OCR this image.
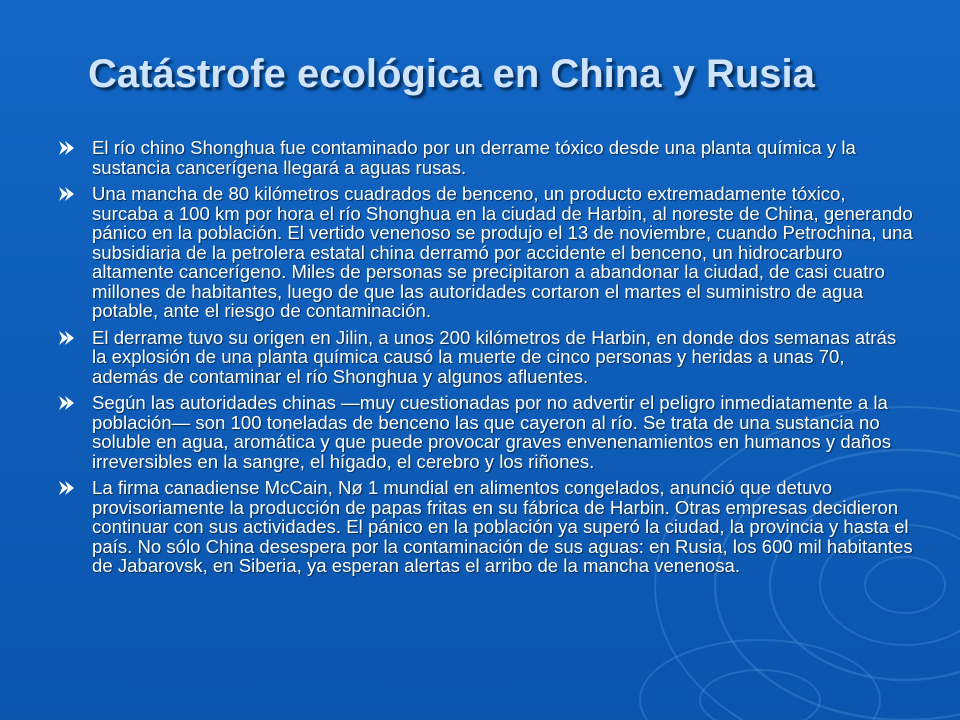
Catástrofe ecológica en China y Rusia
El río chino Shonghua fue contaminado por un derrame tóxico desde una planta química y la sustancia cancerígena llegará a aguas rusas.
Una mancha de 80 kilómetros cuadrados de benceno, un producto extremadamente tóxico, surcaba a 100 km por hora el río Shonghua en la ciudad de Harbin, al noreste de China, generando pánico en la población. El vertido venenoso se produjo el 13 de noviembre, cuando Petrochina, una subsidiaria de la petrolera estatal china derramó por accidente el benceno, un hidrocarburo altamente cancerígeno. Miles de personas se precipitaron a abandonar la ciudad, de casi cuatro millones de habitantes, luego de que las autoridades cortaron el martes el suministro de agua potable, ante el riesgo de contaminación.
El derrame tuvo su origen en Jilin, a unos 200 kilómetros de Harbin, en donde dos semanas atrás la explosión de una planta química causó la muerte de cinco personas y heridas a unas 70, además de contaminar el río Shonghua y algunos afluentes.
Según las autoridades chinas —muy cuestionadas por no advertir el peligro inmediatamente a la población— son 100 toneladas de benceno las que cayeron al río. Se trata de una sustancia no soluble en agua, aromática y que puede provocar graves envenenamientos en humanos y daños irreversibles en la sangre, el hígado, el cerebro y los riñones.
La firma canadiense McCain, Nø 1 mundial en alimentos congelados, anunció que detuvo provisoriamente la producción de papas fritas en su fábrica de Harbin. Otras empresas decidieron continuar con sus actividades. El pánico en la población ya superó la ciudad, la provincia y hasta el país. No sólo China desespera por la contaminación de sus aguas: en Rusia, los 600 mil habitantes de Jabarovsk, en Siberia, ya esperan alertas el arribo de la mancha venenosa.
